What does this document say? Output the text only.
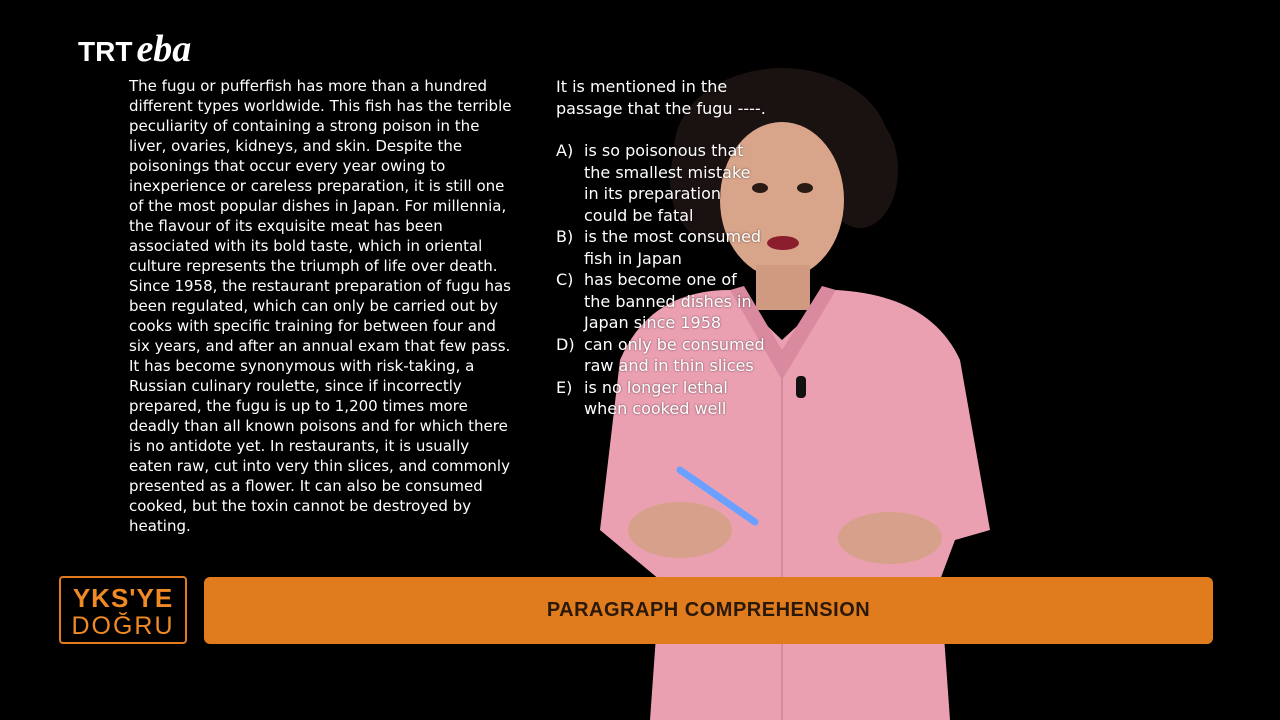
TRT eba
The fugu or pufferfish has more than a hundred different types worldwide. This fish has the terrible peculiarity of containing a strong poison in the liver, ovaries, kidneys, and skin. Despite the poisonings that occur every year owing to inexperience or careless preparation, it is still one of the most popular dishes in Japan. For millennia, the flavour of its exquisite meat has been associated with its bold taste, which in oriental culture represents the triumph of life over death. Since 1958, the restaurant preparation of fugu has been regulated, which can only be carried out by cooks with specific training for between four and six years, and after an annual exam that few pass. It has become synonymous with risk-taking, a Russian culinary roulette, since if incorrectly prepared, the fugu is up to 1,200 times more deadly than all known poisons and for which there is no antidote yet. In restaurants, it is usually eaten raw, cut into very thin slices, and commonly presented as a flower. It can also be consumed cooked, but the toxin cannot be destroyed by heating.
It is mentioned in the passage that the fugu ----.
A) is so poisonous that the smallest mistake in its preparation could be fatal
B) is the most consumed fish in Japan
C) has become one of the banned dishes in Japan since 1958
D) can only be consumed raw and in thin slices
E) is no longer lethal when cooked well
YKS'YE
DOĞRU
PARAGRAPH COMPREHENSION
